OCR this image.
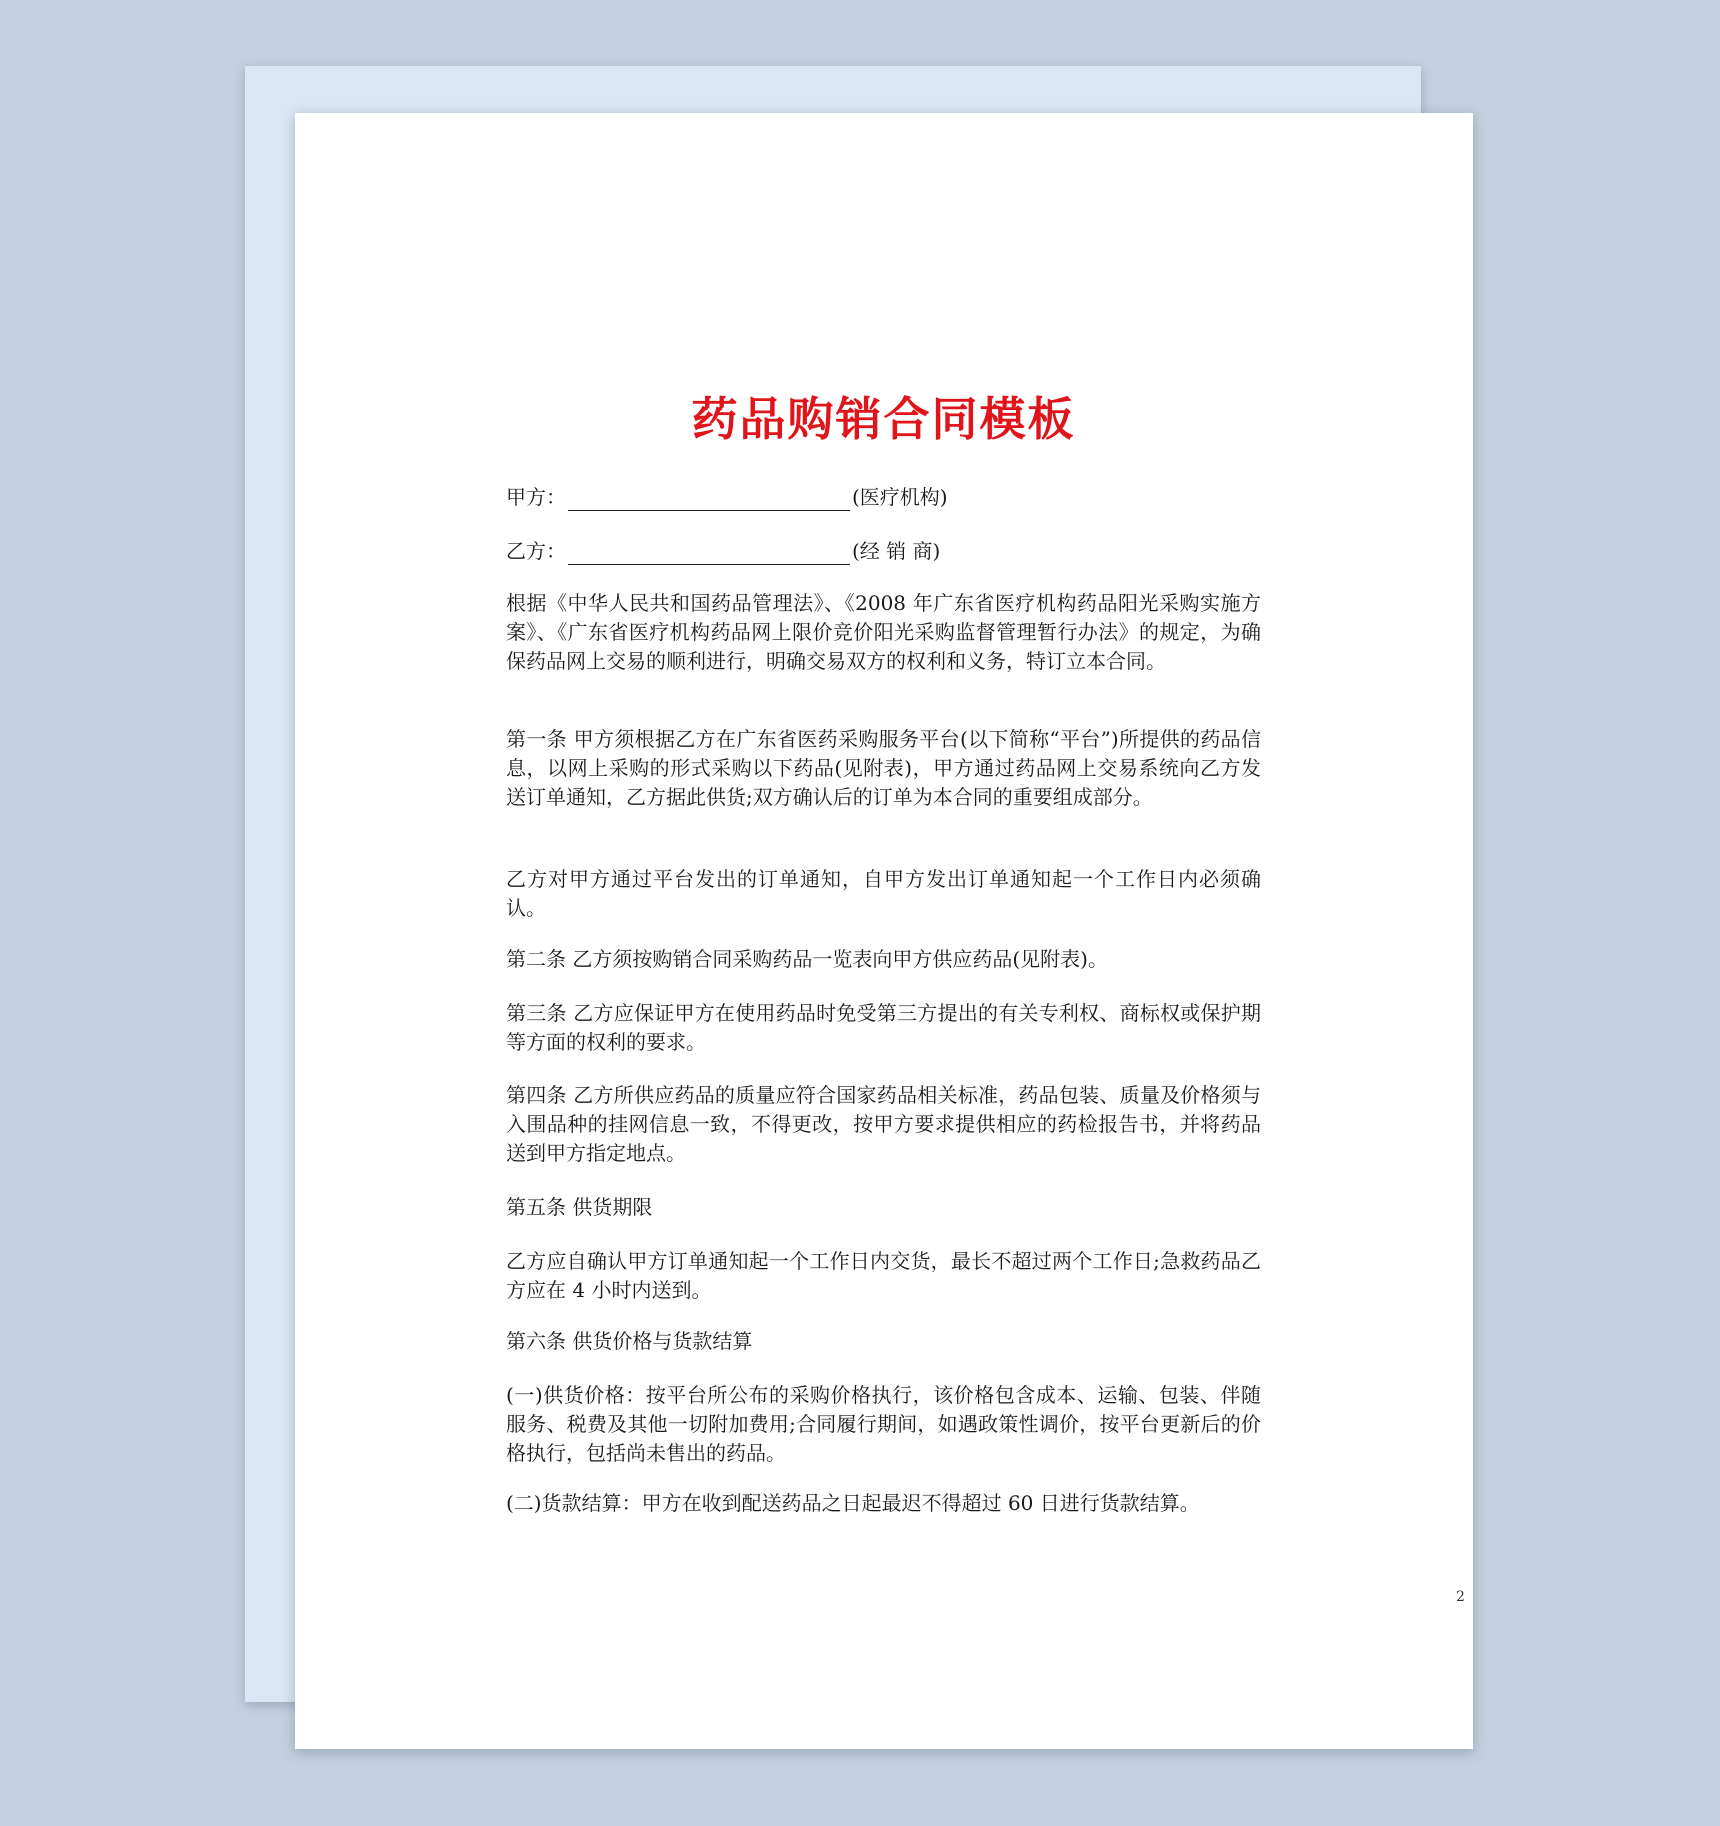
药品购销合同模板
甲方：	(医疗机构)
乙方：	(经 销 商)

根据《中华人民共和国药品管理法》、《2008 年广东省医疗机构药品阳光采购实施方案》、《广东省医疗机构药品网上限价竞价阳光采购监督管理暂行办法》的规定，为确保药品网上交易的顺利进行，明确交易双方的权利和义务，特订立本合同。

第一条 甲方须根据乙方在广东省医药采购服务平台(以下简称“平台”)所提供的药品信息，以网上采购的形式采购以下药品(见附表)，甲方通过药品网上交易系统向乙方发送订单通知，乙方据此供货;双方确认后的订单为本合同的重要组成部分。

乙方对甲方通过平台发出的订单通知，自甲方发出订单通知起一个工作日内必须确认。

第二条 乙方须按购销合同采购药品一览表向甲方供应药品(见附表)。

第三条 乙方应保证甲方在使用药品时免受第三方提出的有关专利权、商标权或保护期等方面的权利的要求。

第四条 乙方所供应药品的质量应符合国家药品相关标准，药品包装、质量及价格须与入围品种的挂网信息一致，不得更改，按甲方要求提供相应的药检报告书，并将药品送到甲方指定地点。

第五条 供货期限

乙方应自确认甲方订单通知起一个工作日内交货，最长不超过两个工作日;急救药品乙方应在 4 小时内送到。

第六条 供货价格与货款结算

(一)供货价格：按平台所公布的采购价格执行，该价格包含成本、运输、包装、伴随服务、税费及其他一切附加费用;合同履行期间，如遇政策性调价，按平台更新后的价格执行，包括尚未售出的药品。

(二)货款结算：甲方在收到配送药品之日起最迟不得超过 60 日进行货款结算。

2
